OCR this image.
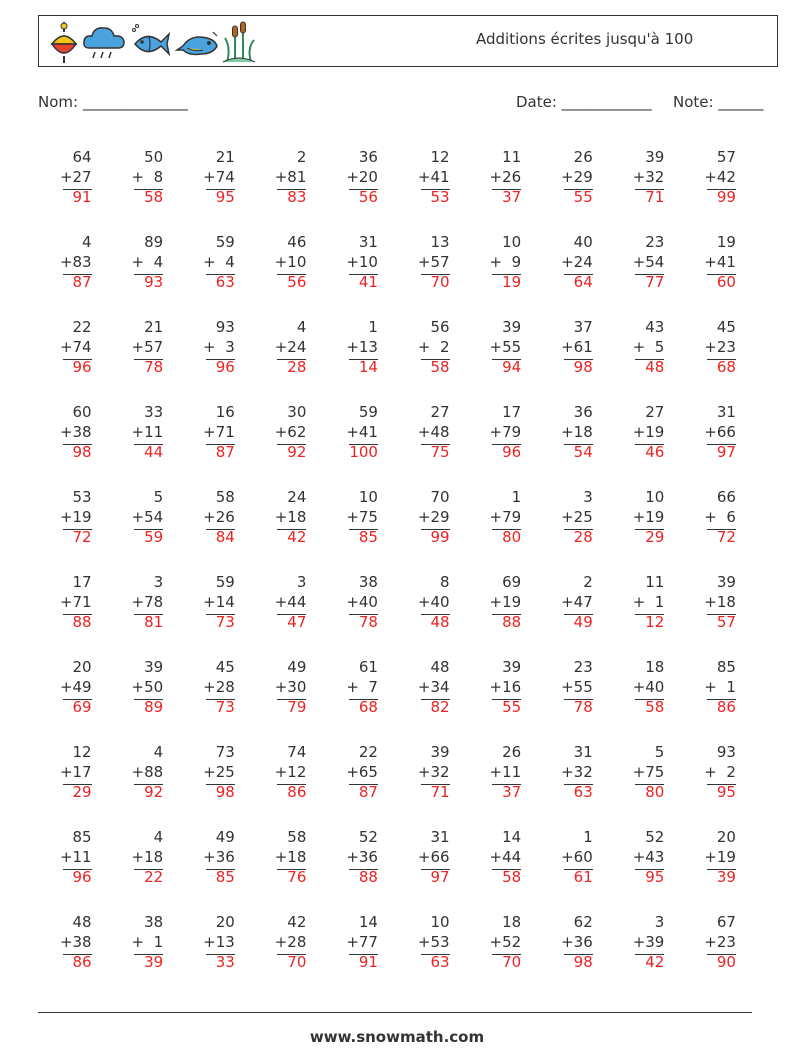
Additions écrites jusqu'à 100
Nom: ______________	Date: ____________ Note: ______
64
+27
91
50
+  8
58
21
+74
95
2
+81
83
36
+20
56
12
+41
53
11
+26
37
26
+29
55
39
+32
71
57
+42
99
4
+83
87
89
+  4
93
59
+  4
63
46
+10
56
31
+10
41
13
+57
70
10
+  9
19
40
+24
64
23
+54
77
19
+41
60
22
+74
96
21
+57
78
93
+  3
96
4
+24
28
1
+13
14
56
+  2
58
39
+55
94
37
+61
98
43
+  5
48
45
+23
68
60
+38
98
33
+11
44
16
+71
87
30
+62
92
59
+41
100
27
+48
75
17
+79
96
36
+18
54
27
+19
46
31
+66
97
53
+19
72
5
+54
59
58
+26
84
24
+18
42
10
+75
85
70
+29
99
1
+79
80
3
+25
28
10
+19
29
66
+  6
72
17
+71
88
3
+78
81
59
+14
73
3
+44
47
38
+40
78
8
+40
48
69
+19
88
2
+47
49
11
+  1
12
39
+18
57
20
+49
69
39
+50
89
45
+28
73
49
+30
79
61
+  7
68
48
+34
82
39
+16
55
23
+55
78
18
+40
58
85
+  1
86
12
+17
29
4
+88
92
73
+25
98
74
+12
86
22
+65
87
39
+32
71
26
+11
37
31
+32
63
5
+75
80
93
+  2
95
85
+11
96
4
+18
22
49
+36
85
58
+18
76
52
+36
88
31
+66
97
14
+44
58
1
+60
61
52
+43
95
20
+19
39
48
+38
86
38
+  1
39
20
+13
33
42
+28
70
14
+77
91
10
+53
63
18
+52
70
62
+36
98
3
+39
42
67
+23
90
www.snowmath.com
